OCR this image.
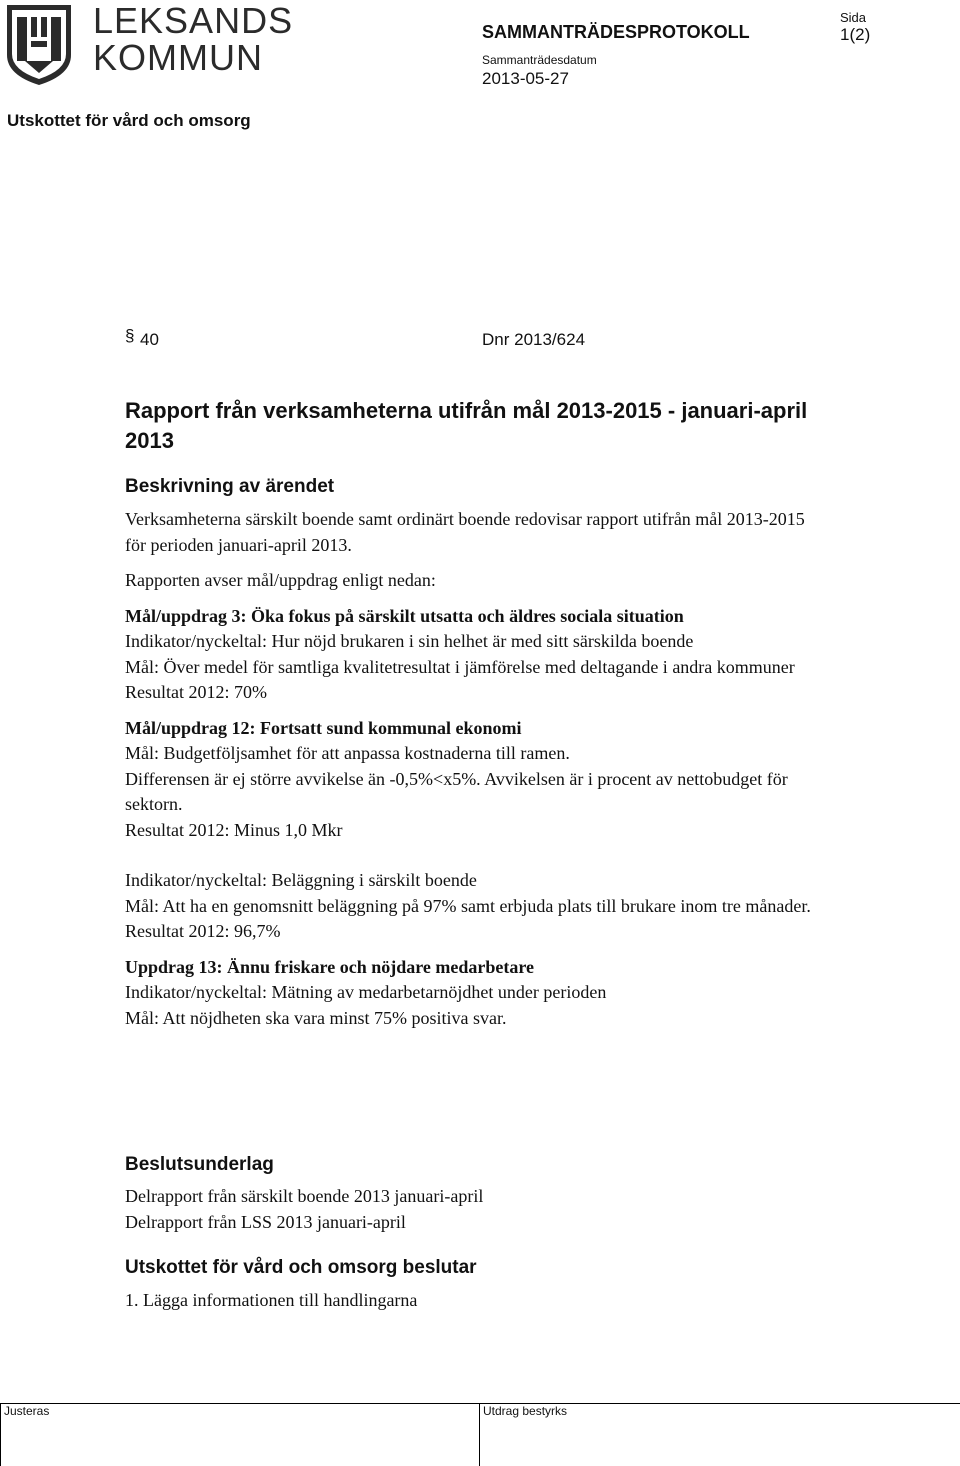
LEKSANDS
KOMMUN
SAMMANTRÄDESPROTOKOLL
Sida
1(2)
Sammanträdesdatum
2013-05-27
Utskottet för vård och omsorg
§ 40	Dnr 2013/624
Rapport från verksamheterna utifrån mål 2013-2015 - januari-april 2013
Beskrivning av ärendet

Verksamheterna särskilt boende samt ordinärt boende redovisar rapport utifrån mål 2013-2015 för perioden januari-april 2013.

Rapporten avser mål/uppdrag enligt nedan:

Mål/uppdrag 3: Öka fokus på särskilt utsatta och äldres sociala situation

Indikator/nyckeltal: Hur nöjd brukaren i sin helhet är med sitt särskilda boende

Mål: Över medel för samtliga kvalitetresultat i jämförelse med deltagande i andra kommuner

Resultat 2012: 70%

Mål/uppdrag 12: Fortsatt sund kommunal ekonomi

Mål: Budgetföljsamhet för att anpassa kostnaderna till ramen.

Differensen är ej större avvikelse än -0,5%<x5%. Avvikelsen är i procent av nettobudget för sektorn.

Resultat 2012: Minus 1,0 Mkr

Indikator/nyckeltal: Beläggning i särskilt boende

Mål: Att ha en genomsnitt beläggning på 97% samt erbjuda plats till brukare inom tre månader.

Resultat 2012: 96,7%

Uppdrag 13: Ännu friskare och nöjdare medarbetare

Indikator/nyckeltal: Mätning av medarbetarnöjdhet under perioden

Mål: Att nöjdheten ska vara minst 75% positiva svar.

Beslutsunderlag

Delrapport från särskilt boende 2013 januari-april

Delrapport från LSS 2013 januari-april

Utskottet för vård och omsorg beslutar

1. Lägga informationen till handlingarna

Justeras	Utdrag bestyrks
